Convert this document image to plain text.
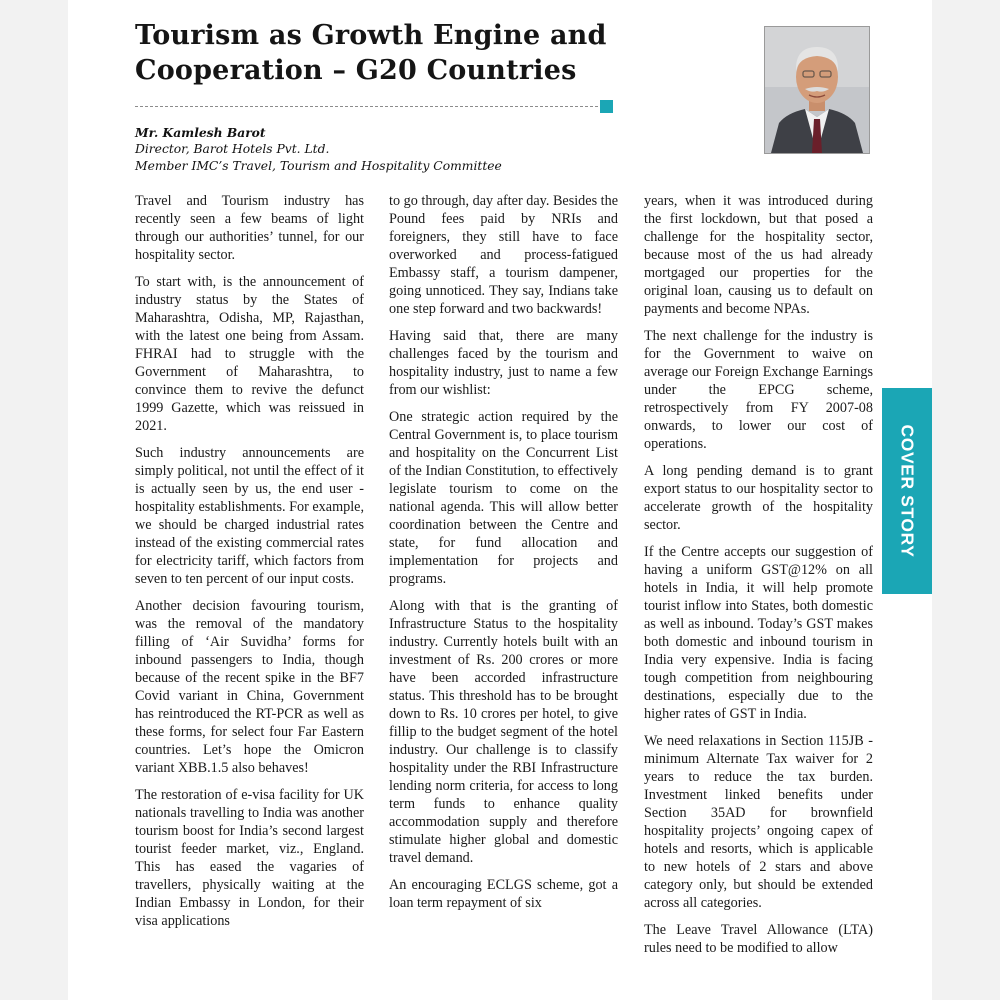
Tourism as Growth Engine and Cooperation – G20 Countries
Mr. Kamlesh Barot
Director, Barot Hotels Pvt. Ltd.
Member IMC’s Travel, Tourism and Hospitality Committee

Travel and Tourism industry has recently seen a few beams of light through our authorities’ tunnel, for our hospitality sector.

To start with, is the announcement of industry status by the States of Maharashtra, Odisha, MP, Rajasthan, with the latest one being from Assam. FHRAI had to struggle with the Government of Maharashtra, to convince them to revive the defunct 1999 Gazette, which was reissued in 2021.

Such industry announcements are simply political, not until the effect of it is actually seen by us, the end user - hospitality establishments. For example, we should be charged industrial rates instead of the existing commercial rates for electricity tariff, which factors from seven to ten percent of our input costs.

Another decision favouring tourism, was the removal of the mandatory filling of ‘Air Suvidha’ forms for inbound passengers to India, though because of the recent spike in the BF7 Covid variant in China, Government has reintroduced the RT-PCR as well as these forms, for select four Far Eastern countries. Let’s hope the Omicron variant XBB.1.5 also behaves!

The restoration of e-visa facility for UK nationals travelling to India was another tourism boost for India’s second largest tourist feeder market, viz., England. This has eased the vagaries of travellers, physically waiting at the Indian Embassy in London, for their visa applications

to go through, day after day. Besides the Pound fees paid by NRIs and foreigners, they still have to face overworked and process-fatigued Embassy staff, a tourism dampener, going unnoticed. They say, Indians take one step forward and two backwards!

Having said that, there are many challenges faced by the tourism and hospitality industry, just to name a few from our wishlist:

One strategic action required by the Central Government is, to place tourism and hospitality on the Concurrent List of the Indian Constitution, to effectively legislate tourism to come on the national agenda. This will allow better coordination between the Centre and state, for fund allocation and implementation for projects and programs.

Along with that is the granting of Infrastructure Status to the hospitality industry. Currently hotels built with an investment of Rs. 200 crores or more have been accorded infrastructure status. This threshold has to be brought down to Rs. 10 crores per hotel, to give fillip to the budget segment of the hotel industry. Our challenge is to classify hospitality under the RBI Infrastructure lending norm criteria, for access to long term funds to enhance quality accommodation supply and therefore stimulate higher global and domestic travel demand.

An encouraging ECLGS scheme, got a loan term repayment of six

years, when it was introduced during the first lockdown, but that posed a challenge for the hospitality sector, because most of the us had already mortgaged our properties for the original loan, causing us to default on payments and become NPAs.

The next challenge for the industry is for the Government to waive on average our Foreign Exchange Earnings under the EPCG scheme, retrospectively from FY 2007-08 onwards, to lower our cost of operations.

A long pending demand is to grant export status to our hospitality sector to accelerate growth of the hospitality sector.

If the Centre accepts our suggestion of having a uniform GST@12% on all hotels in India, it will help promote tourist inflow into States, both domestic as well as inbound. Today’s GST makes both domestic and inbound tourism in India very expensive. India is facing tough competition from neighbouring destinations, especially due to the higher rates of GST in India.

We need relaxations in Section 115JB - minimum Alternate Tax waiver for 2 years to reduce the tax burden. Investment linked benefits under Section 35AD for brownfield hospitality projects’ ongoing capex of hotels and resorts, which is applicable to new hotels of 2 stars and above category only, but should be extended across all categories.

The Leave Travel Allowance (LTA) rules need to be modified to allow

COVER STORY
